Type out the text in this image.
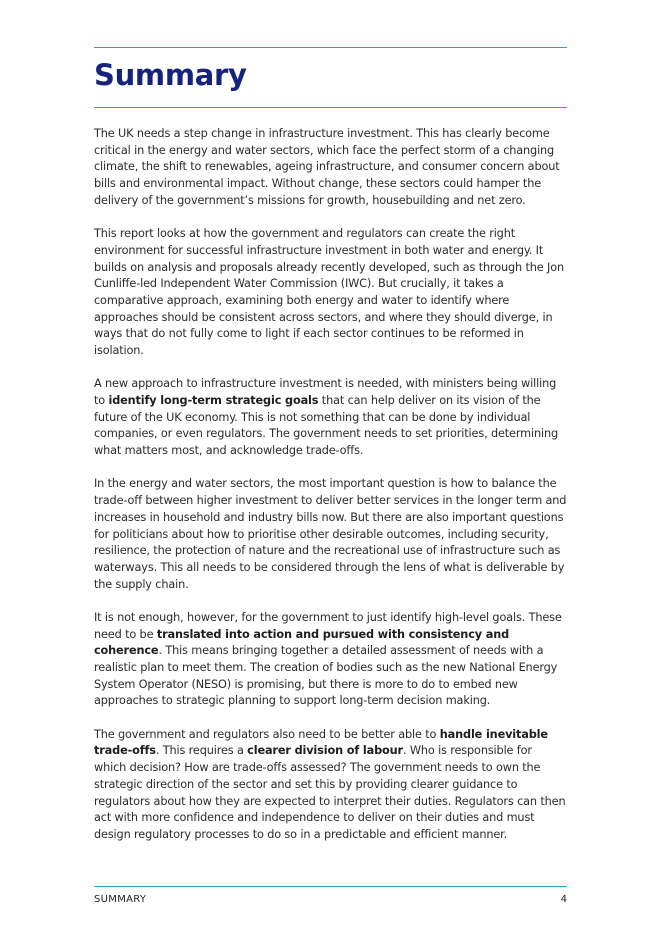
Summary

The UK needs a step change in infrastructure investment. This has clearly become critical in the energy and water sectors, which face the perfect storm of a changing climate, the shift to renewables, ageing infrastructure, and consumer concern about bills and environmental impact. Without change, these sectors could hamper the delivery of the government’s missions for growth, housebuilding and net zero.

This report looks at how the government and regulators can create the right environment for successful infrastructure investment in both water and energy. It builds on analysis and proposals already recently developed, such as through the Jon Cunliffe-led Independent Water Commission (IWC). But crucially, it takes a comparative approach, examining both energy and water to identify where approaches should be consistent across sectors, and where they should diverge, in ways that do not fully come to light if each sector continues to be reformed in isolation.

A new approach to infrastructure investment is needed, with ministers being willing to identify long-term strategic goals that can help deliver on its vision of the future of the UK economy. This is not something that can be done by individual companies, or even regulators. The government needs to set priorities, determining what matters most, and acknowledge trade-offs.

In the energy and water sectors, the most important question is how to balance the trade-off between higher investment to deliver better services in the longer term and increases in household and industry bills now. But there are also important questions for politicians about how to prioritise other desirable outcomes, including security, resilience, the protection of nature and the recreational use of infrastructure such as waterways. This all needs to be considered through the lens of what is deliverable by the supply chain.

It is not enough, however, for the government to just identify high-level goals. These need to be translated into action and pursued with consistency and coherence. This means bringing together a detailed assessment of needs with a realistic plan to meet them. The creation of bodies such as the new National Energy System Operator (NESO) is promising, but there is more to do to embed new approaches to strategic planning to support long-term decision making.

The government and regulators also need to be better able to handle inevitable trade-offs. This requires a clearer division of labour. Who is responsible for which decision? How are trade-offs assessed? The government needs to own the strategic direction of the sector and set this by providing clearer guidance to regulators about how they are expected to interpret their duties. Regulators can then act with more confidence and independence to deliver on their duties and must design regulatory processes to do so in a predictable and efficient manner.

SUMMARY	4
